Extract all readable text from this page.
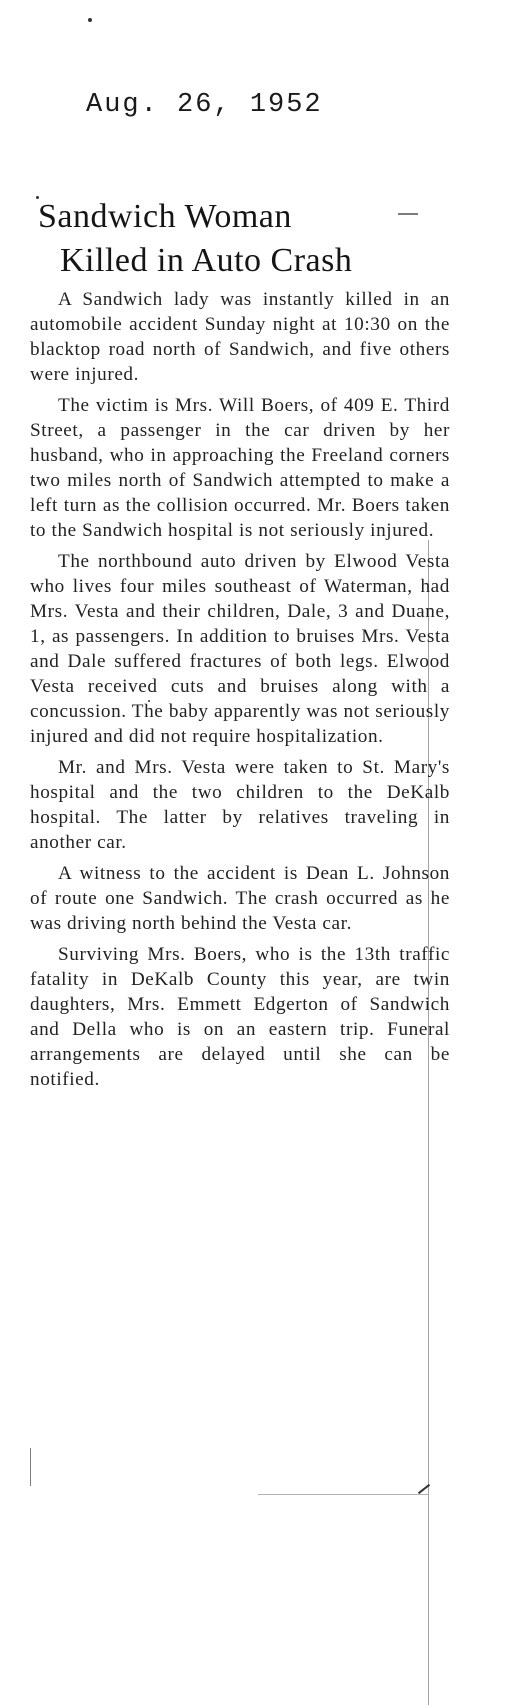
Aug. 26, 1952
Sandwich Woman
Killed in Auto Crash

A Sandwich lady was instantly killed in an automobile accident Sunday night at 10:30 on the blacktop road north of Sandwich, and five others were injured.

The victim is Mrs. Will Boers, of 409 E. Third Street, a passenger in the car driven by her husband, who in approaching the Freeland corners two miles north of Sandwich attempted to make a left turn as the collision occurred. Mr. Boers taken to the Sandwich hospital is not seriously injured.

The northbound auto driven by Elwood Vesta who lives four miles southeast of Waterman, had Mrs. Vesta and their children, Dale, 3 and Duane, 1, as passengers. In addition to bruises Mrs. Vesta and Dale suffered fractures of both legs. Elwood Vesta received cuts and bruises along with a concussion. The baby apparently was not seriously injured and did not require hospitalization.

Mr. and Mrs. Vesta were taken to St. Mary's hospital and the two children to the DeKalb hospital. The latter by relatives traveling in another car.

A witness to the accident is Dean L. Johnson of route one Sandwich. The crash occurred as he was driving north behind the Vesta car.

Surviving Mrs. Boers, who is the 13th traffic fatality in DeKalb County this year, are twin daughters, Mrs. Emmett Edgerton of Sandwich and Della who is on an eastern trip. Funeral arrangements are delayed until she can be notified.
